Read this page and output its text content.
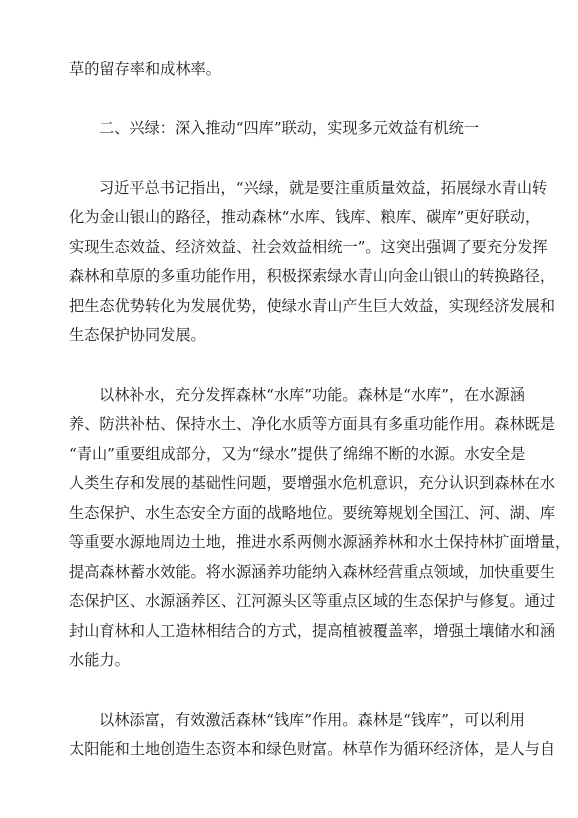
草的留存率和成林率。

二、兴绿：深入推动“四库”联动，实现多元效益有机统一

习近平总书记指出，“兴绿，就是要注重质量效益，拓展绿水青山转

化为金山银山的路径，推动森林“水库、钱库、粮库、碳库”更好联动，

实现生态效益、经济效益、社会效益相统一”。这突出强调了要充分发挥

森林和草原的多重功能作用，积极探索绿水青山向金山银山的转换路径，

把生态优势转化为发展优势，使绿水青山产生巨大效益，实现经济发展和

生态保护协同发展。

以林补水，充分发挥森林“水库”功能。森林是“水库”，在水源涵

养、防洪补枯、保持水土、净化水质等方面具有多重功能作用。森林既是

“青山”重要组成部分，又为“绿水”提供了绵绵不断的水源。水安全是

人类生存和发展的基础性问题，要增强水危机意识，充分认识到森林在水

生态保护、水生态安全方面的战略地位。要统筹规划全国江、河、湖、库

等重要水源地周边土地，推进水系两侧水源涵养林和水土保持林扩面增量，

提高森林蓄水效能。将水源涵养功能纳入森林经营重点领域，加快重要生

态保护区、水源涵养区、江河源头区等重点区域的生态保护与修复。通过

封山育林和人工造林相结合的方式，提高植被覆盖率，增强土壤储水和涵

水能力。

以林添富，有效激活森林“钱库”作用。森林是“钱库”，可以利用

太阳能和土地创造生态资本和绿色财富。林草作为循环经济体，是人与自
